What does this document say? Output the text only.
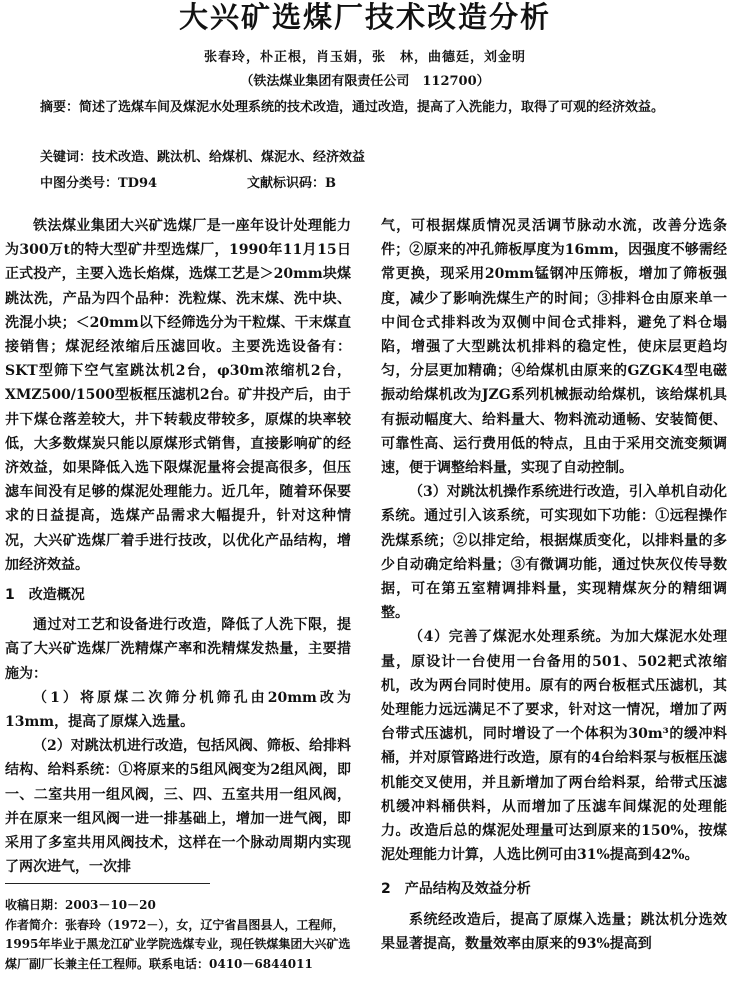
大兴矿选煤厂技术改造分析
张春玲，朴正根，肖玉娟，张　林，曲德廷，刘金明
（铁法煤业集团有限责任公司　112700）
摘要：简述了选煤车间及煤泥水处理系统的技术改造，通过改造，提高了入洗能力，取得了可观的经济效益。
关键词：技术改造、跳汰机、给煤机、煤泥水、经济效益
中图分类号：TD94	文献标识码：B

铁法煤业集团大兴矿选煤厂是一座年设计处理能力为300万t的特大型矿井型选煤厂，1990年11月15日正式投产，主要入选长焰煤，选煤工艺是＞20mm块煤跳汰洗，产品为四个品种：洗粒煤、洗末煤、洗中块、洗混小块；＜20mm以下经筛选分为干粒煤、干末煤直接销售；煤泥经浓缩后压滤回收。主要洗选设备有：SKT型筛下空气室跳汰机2台，φ30m浓缩机2台，XMZ500/1500型板框压滤机2台。矿井投产后，由于井下煤仓落差较大，井下转载皮带较多，原煤的块率较低，大多数煤炭只能以原煤形式销售，直接影响矿的经济效益，如果降低入选下限煤泥量将会提高很多，但压滤车间没有足够的煤泥处理能力。近几年，随着环保要求的日益提高，选煤产品需求大幅提升，针对这种情况，大兴矿选煤厂着手进行技改，以优化产品结构，增加经济效益。

1　改造概况

通过对工艺和设备进行改造，降低了人洗下限，提高了大兴矿选煤厂洗精煤产率和洗精煤发热量，主要措施为：

（1）将原煤二次筛分机筛孔由20mm改为13mm，提高了原煤入选量。

（2）对跳汰机进行改造，包括风阀、筛板、给排料结构、给料系统：①将原来的5组风阀变为2组风阀，即一、二室共用一组风阀，三、四、五室共用一组风阀，并在原来一组风阀一进一排基础上，增加一进气阀，即采用了多室共用风阀技术，这样在一个脉动周期内实现了两次进气，一次排

气，可根据煤质情况灵活调节脉动水流，改善分选条件；②原来的冲孔筛板厚度为16mm，因强度不够需经常更换，现采用20mm锰钢冲压筛板，增加了筛板强度，减少了影响洗煤生产的时间；③排料仓由原来单一中间仓式排料改为双侧中间仓式排料，避免了料仓塌陷，增强了大型跳汰机排料的稳定性，使床层更趋均匀，分层更加精确；④给煤机由原来的GZGK4型电磁振动给煤机改为JZG系列机械振动给煤机，该给煤机具有振动幅度大、给料量大、物料流动通畅、安装简便、可靠性高、运行费用低的特点，且由于采用交流变频调速，便于调整给料量，实现了自动控制。

（3）对跳汰机操作系统进行改造，引入单机自动化系统。通过引入该系统，可实现如下功能：①远程操作洗煤系统；②以排定给，根据煤质变化，以排料量的多少自动确定给料量；③有微调功能，通过快灰仪传导数据，可在第五室精调排料量，实现精煤灰分的精细调整。

（4）完善了煤泥水处理系统。为加大煤泥水处理量，原设计一台使用一台备用的501、502耙式浓缩机，改为两台同时使用。原有的两台板框式压滤机，其处理能力远远满足不了要求，针对这一情况，增加了两台带式压滤机，同时增设了一个体积为30m³的缓冲料桶，并对原管路进行改造，原有的4台给料泵与板框压滤机能交叉使用，并且新增加了两台给料泵，给带式压滤机缓冲料桶供料，从而增加了压滤车间煤泥的处理能力。改造后总的煤泥处理量可达到原来的150%，按煤泥处理能力计算，人选比例可由31%提高到42%。

2　产品结构及效益分析

系统经改造后，提高了原煤入选量；跳汰机分选效果显著提高，数量效率由原来的93%提高到

收稿日期：2003－10－20

作者简介：张春玲（1972－），女，辽宁省昌图县人，工程师，1995年毕业于黑龙江矿业学院选煤专业，现任铁煤集团大兴矿选煤厂副厂长兼主任工程师。联系电话：0410－6844011
